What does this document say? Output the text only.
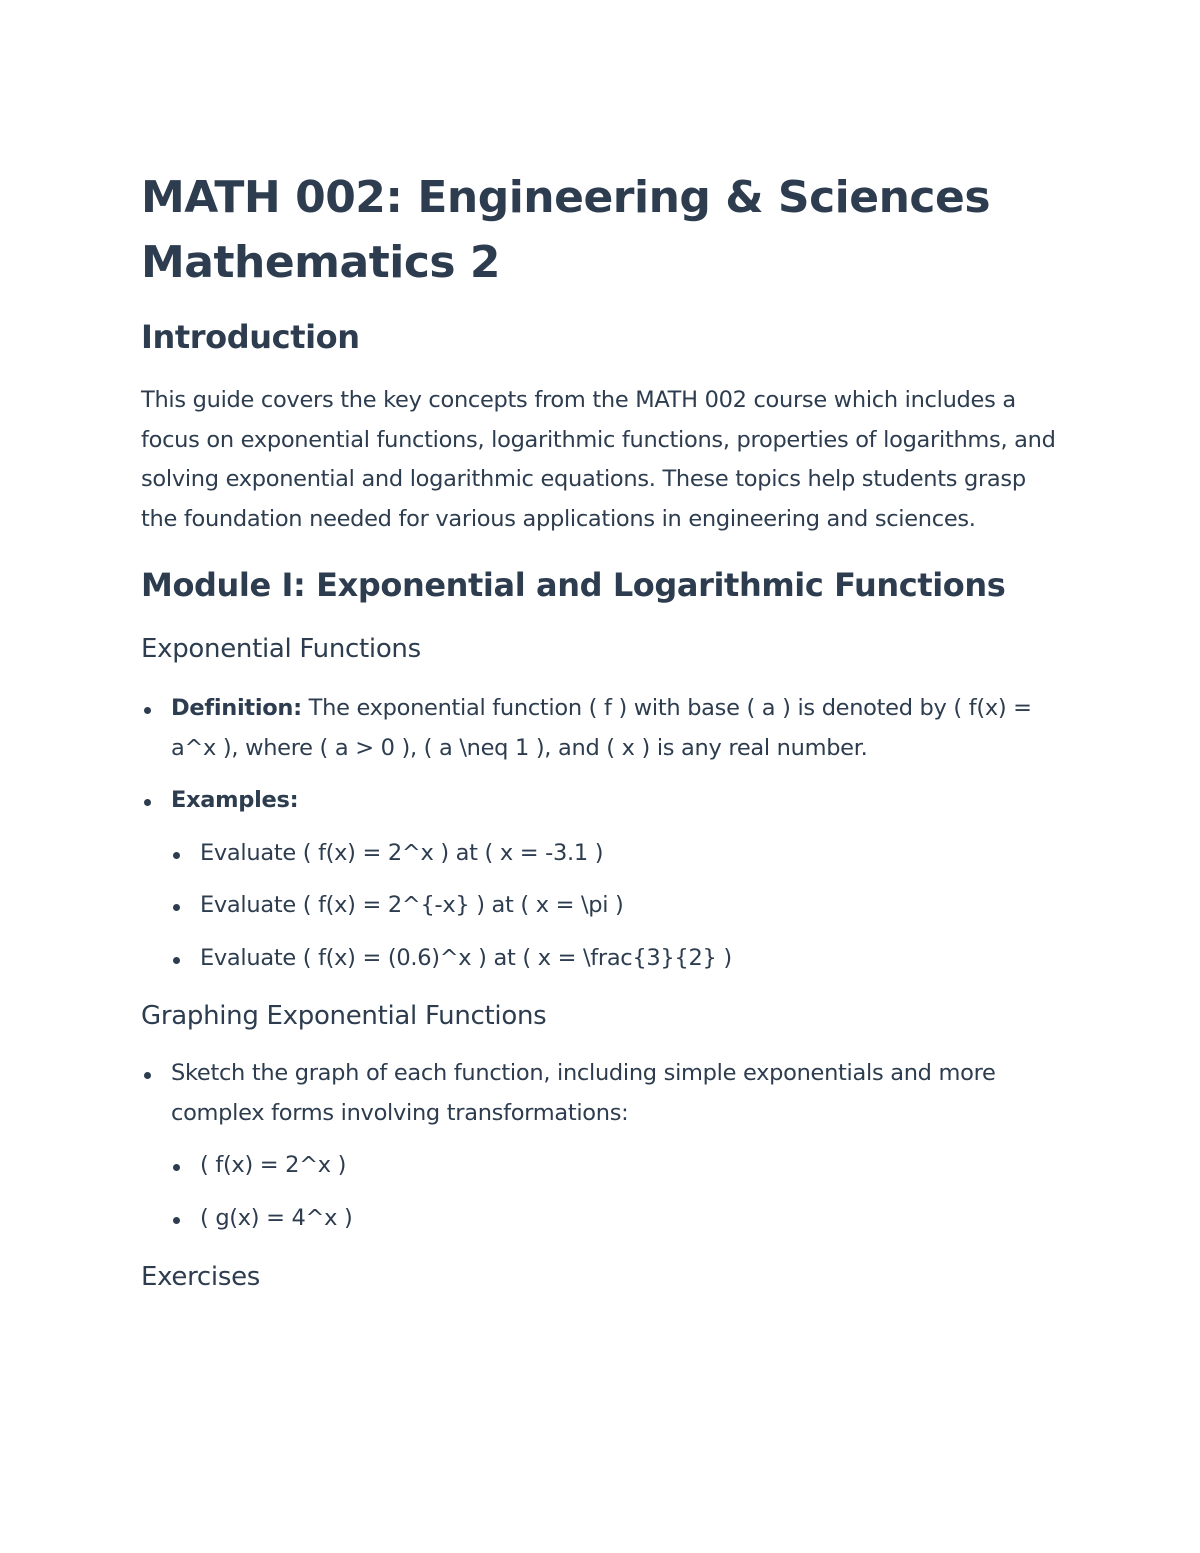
MATH 002: Engineering & Sciences Mathematics 2
Introduction

This guide covers the key concepts from the MATH 002 course which includes a focus on exponential functions, logarithmic functions, properties of logarithms, and solving exponential and logarithmic equations. These topics help students grasp the foundation needed for various applications in engineering and sciences.

Module I: Exponential and Logarithmic Functions
Exponential Functions
Definition: The exponential function ( f ) with base ( a ) is denoted by ( f(x) = a^x ), where ( a > 0 ), ( a \neq 1 ), and ( x ) is any real number.
Examples:
Evaluate ( f(x) = 2^x ) at ( x = -3.1 )
Evaluate ( f(x) = 2^{-x} ) at ( x = \pi )
Evaluate ( f(x) = (0.6)^x ) at ( x = \frac{3}{2} )
Graphing Exponential Functions
Sketch the graph of each function, including simple exponentials and more complex forms involving transformations:
( f(x) = 2^x )
( g(x) = 4^x )
Exercises
